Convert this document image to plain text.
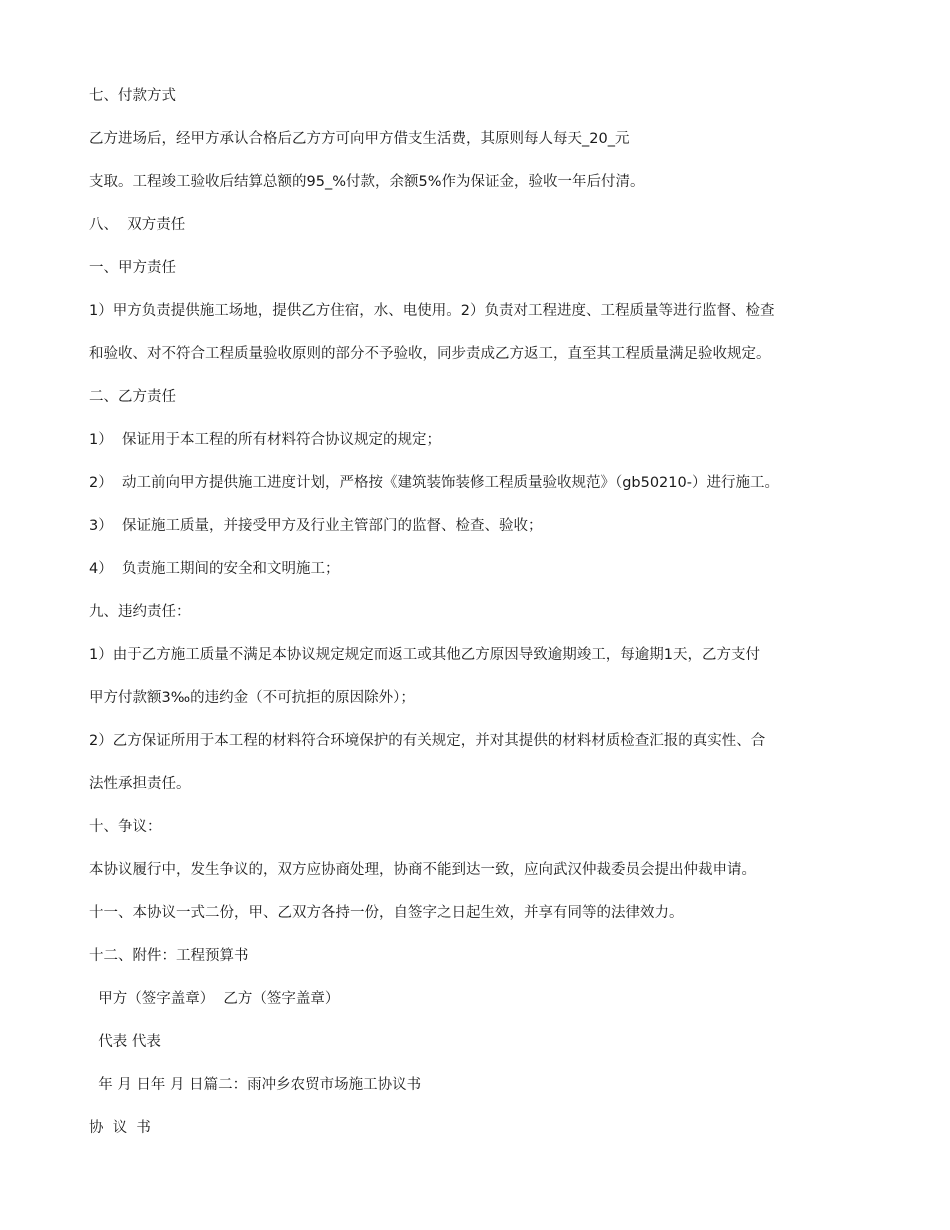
七、付款方式
乙方进场后，经甲方承认合格后乙方方可向甲方借支生活费，其原则每人每天_20_元
支取。工程竣工验收后结算总额的95_%付款，余额5%作为保证金，验收一年后付清。
八、  双方责任
一、甲方责任
1）甲方负责提供施工场地，提供乙方住宿，水、电使用。2）负责对工程进度、工程质量等进行监督、检查
和验收、对不符合工程质量验收原则的部分不予验收，同步责成乙方返工，直至其工程质量满足验收规定。
二、乙方责任
1）  保证用于本工程的所有材料符合协议规定的规定；
2）  动工前向甲方提供施工进度计划，严格按《建筑装饰装修工程质量验收规范》（gb50210-）进行施工。
3）  保证施工质量，并接受甲方及行业主管部门的监督、检查、验收；
4）  负责施工期间的安全和文明施工；
九、违约责任：
1）由于乙方施工质量不满足本协议规定规定而返工或其他乙方原因导致逾期竣工，每逾期1天，乙方支付
甲方付款额3‰的违约金（不可抗拒的原因除外）；
2）乙方保证所用于本工程的材料符合环境保护的有关规定，并对其提供的材料材质检查汇报的真实性、合
法性承担责任。
十、争议：
本协议履行中，发生争议的，双方应协商处理，协商不能到达一致，应向武汉仲裁委员会提出仲裁申请。
十一、本协议一式二份，甲、乙双方各持一份，自签字之日起生效，并享有同等的法律效力。
十二、附件：工程预算书
甲方（签字盖章）  乙方（签字盖章）
代表 代表
年 月 日年 月 日篇二：雨冲乡农贸市场施工协议书
协  议  书
